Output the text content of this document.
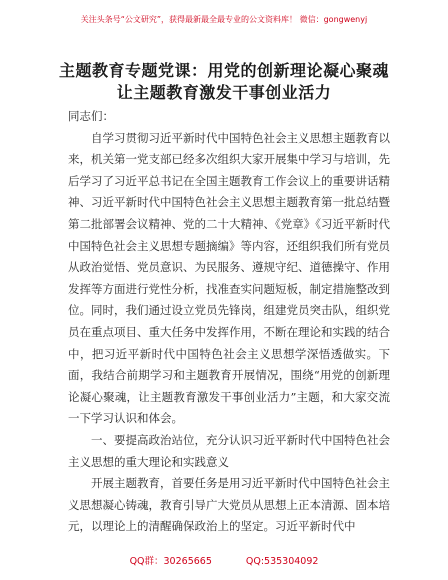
关注头条号“公文研究”，获得最新最全最专业的公文资料库！ 微信：gongwenyj
主题教育专题党课：用党的创新理论凝心聚魂
让主题教育激发干事创业活力

同志们：

自学习贯彻习近平新时代中国特色社会主义思想主题教育以来，机关第一党支部已经多次组织大家开展集中学习与培训，先后学习了习近平总书记在全国主题教育工作会议上的重要讲话精神、习近平新时代中国特色社会主义思想主题教育第一批总结暨第二批部署会议精神、党的二十大精神、《党章》《习近平新时代中国特色社会主义思想专题摘编》等内容，还组织我们所有党员从政治觉悟、党员意识、为民服务、遵规守纪、道德操守、作用发挥等方面进行党性分析，找准查实问题短板，制定措施整改到位。同时，我们通过设立党员先锋岗，组建党员突击队，组织党员在重点项目、重大任务中发挥作用，不断在理论和实践的结合中，把习近平新时代中国特色社会主义思想学深悟透做实。下面，我结合前期学习和主题教育开展情况，围绕“用党的创新理论凝心聚魂，让主题教育激发干事创业活力”主题，和大家交流一下学习认识和体会。

一、要提高政治站位，充分认识习近平新时代中国特色社会主义思想的重大理论和实践意义

开展主题教育，首要任务是用习近平新时代中国特色社会主义思想凝心铸魂，教育引导广大党员从思想上正本清源、固本培元，以理论上的清醒确保政治上的坚定。习近平新时代中

QQ群：30265665	QQ:535304092
